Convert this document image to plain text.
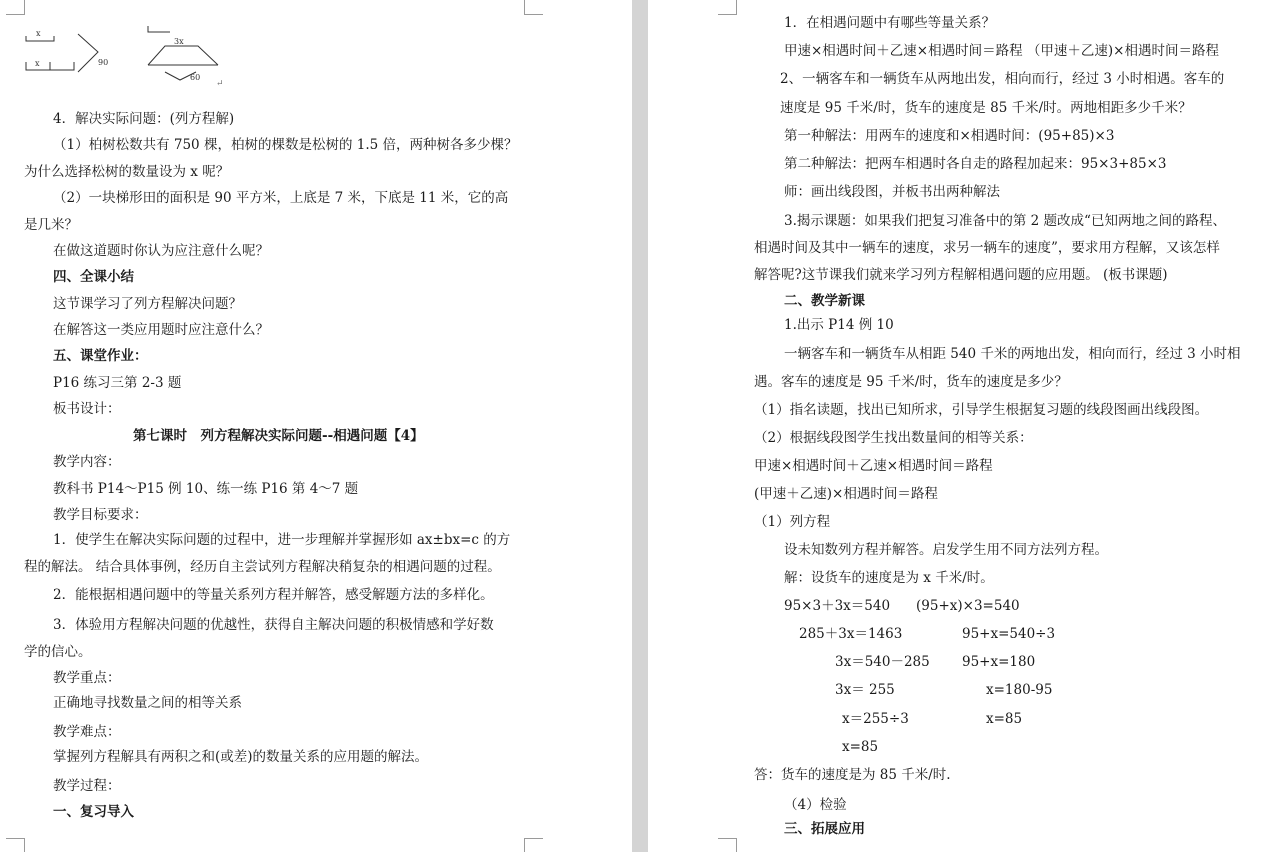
x
x	90
3x
60
↵
4．解决实际问题：(列方程解)
（1）柏树松数共有 750 棵，柏树的棵数是松树的 1.5 倍，两种树各多少棵？
为什么选择松树的数量设为 x 呢？
（2）一块梯形田的面积是 90 平方米，上底是 7 米，下底是 11 米，它的高
是几米？
在做这道题时你认为应注意什么呢？
四、全课小结
这节课学习了列方程解决问题？
在解答这一类应用题时应注意什么？
五、课堂作业：
P16 练习三第 2-3 题
板书设计：
第七课时　列方程解决实际问题--相遇问题【4】
教学内容：
教科书 P14～P15 例 10、练一练 P16 第 4～7 题
教学目标要求：
1．使学生在解决实际问题的过程中，进一步理解并掌握形如 ax±bx=c 的方
程的解法。 结合具体事例，经历自主尝试列方程解决稍复杂的相遇问题的过程。
2．能根据相遇问题中的等量关系列方程并解答，感受解题方法的多样化。
3．体验用方程解决问题的优越性，获得自主解决问题的积极情感和学好数
学的信心。
教学重点：
正确地寻找数量之间的相等关系
教学难点：
掌握列方程解具有两积之和(或差)的数量关系的应用题的解法。
教学过程：
一、复习导入
1．在相遇问题中有哪些等量关系？
甲速×相遇时间＋乙速×相遇时间＝路程 （甲速＋乙速)×相遇时间＝路程
2、一辆客车和一辆货车从两地出发，相向而行，经过 3 小时相遇。客车的
速度是 95 千米/时，货车的速度是 85 千米/时。两地相距多少千米？
第一种解法：用两车的速度和×相遇时间：(95+85)×3
第二种解法：把两车相遇时各自走的路程加起来：95×3+85×3
师：画出线段图，并板书出两种解法
3.揭示课题：如果我们把复习准备中的第 2 题改成“已知两地之间的路程、
相遇时间及其中一辆车的速度，求另一辆车的速度”，要求用方程解，又该怎样
解答呢?这节课我们就来学习列方程解相遇问题的应用题。 (板书课题)
二、教学新课
1.出示 P14 例 10
一辆客车和一辆货车从相距 540 千米的两地出发，相向而行，经过 3 小时相
遇。客车的速度是 95 千米/时，货车的速度是多少？
（1）指名读题，找出已知所求，引导学生根据复习题的线段图画出线段图。
（2）根据线段图学生找出数量间的相等关系：
甲速×相遇时间＋乙速×相遇时间＝路程
(甲速＋乙速)×相遇时间＝路程
（1）列方程
设未知数列方程并解答。启发学生用不同方法列方程。
解：设货车的速度是为 x 千米/时。
95×3＋3x＝540 (95+x)×3=540
285＋3x＝1463	95+x=540÷3
3x＝540－285 95+x=180
3x＝ 255	x=180-95
x＝255÷3	x=85
x=85
答：货车的速度是为 85 千米/时.
（4）检验
三、拓展应用
